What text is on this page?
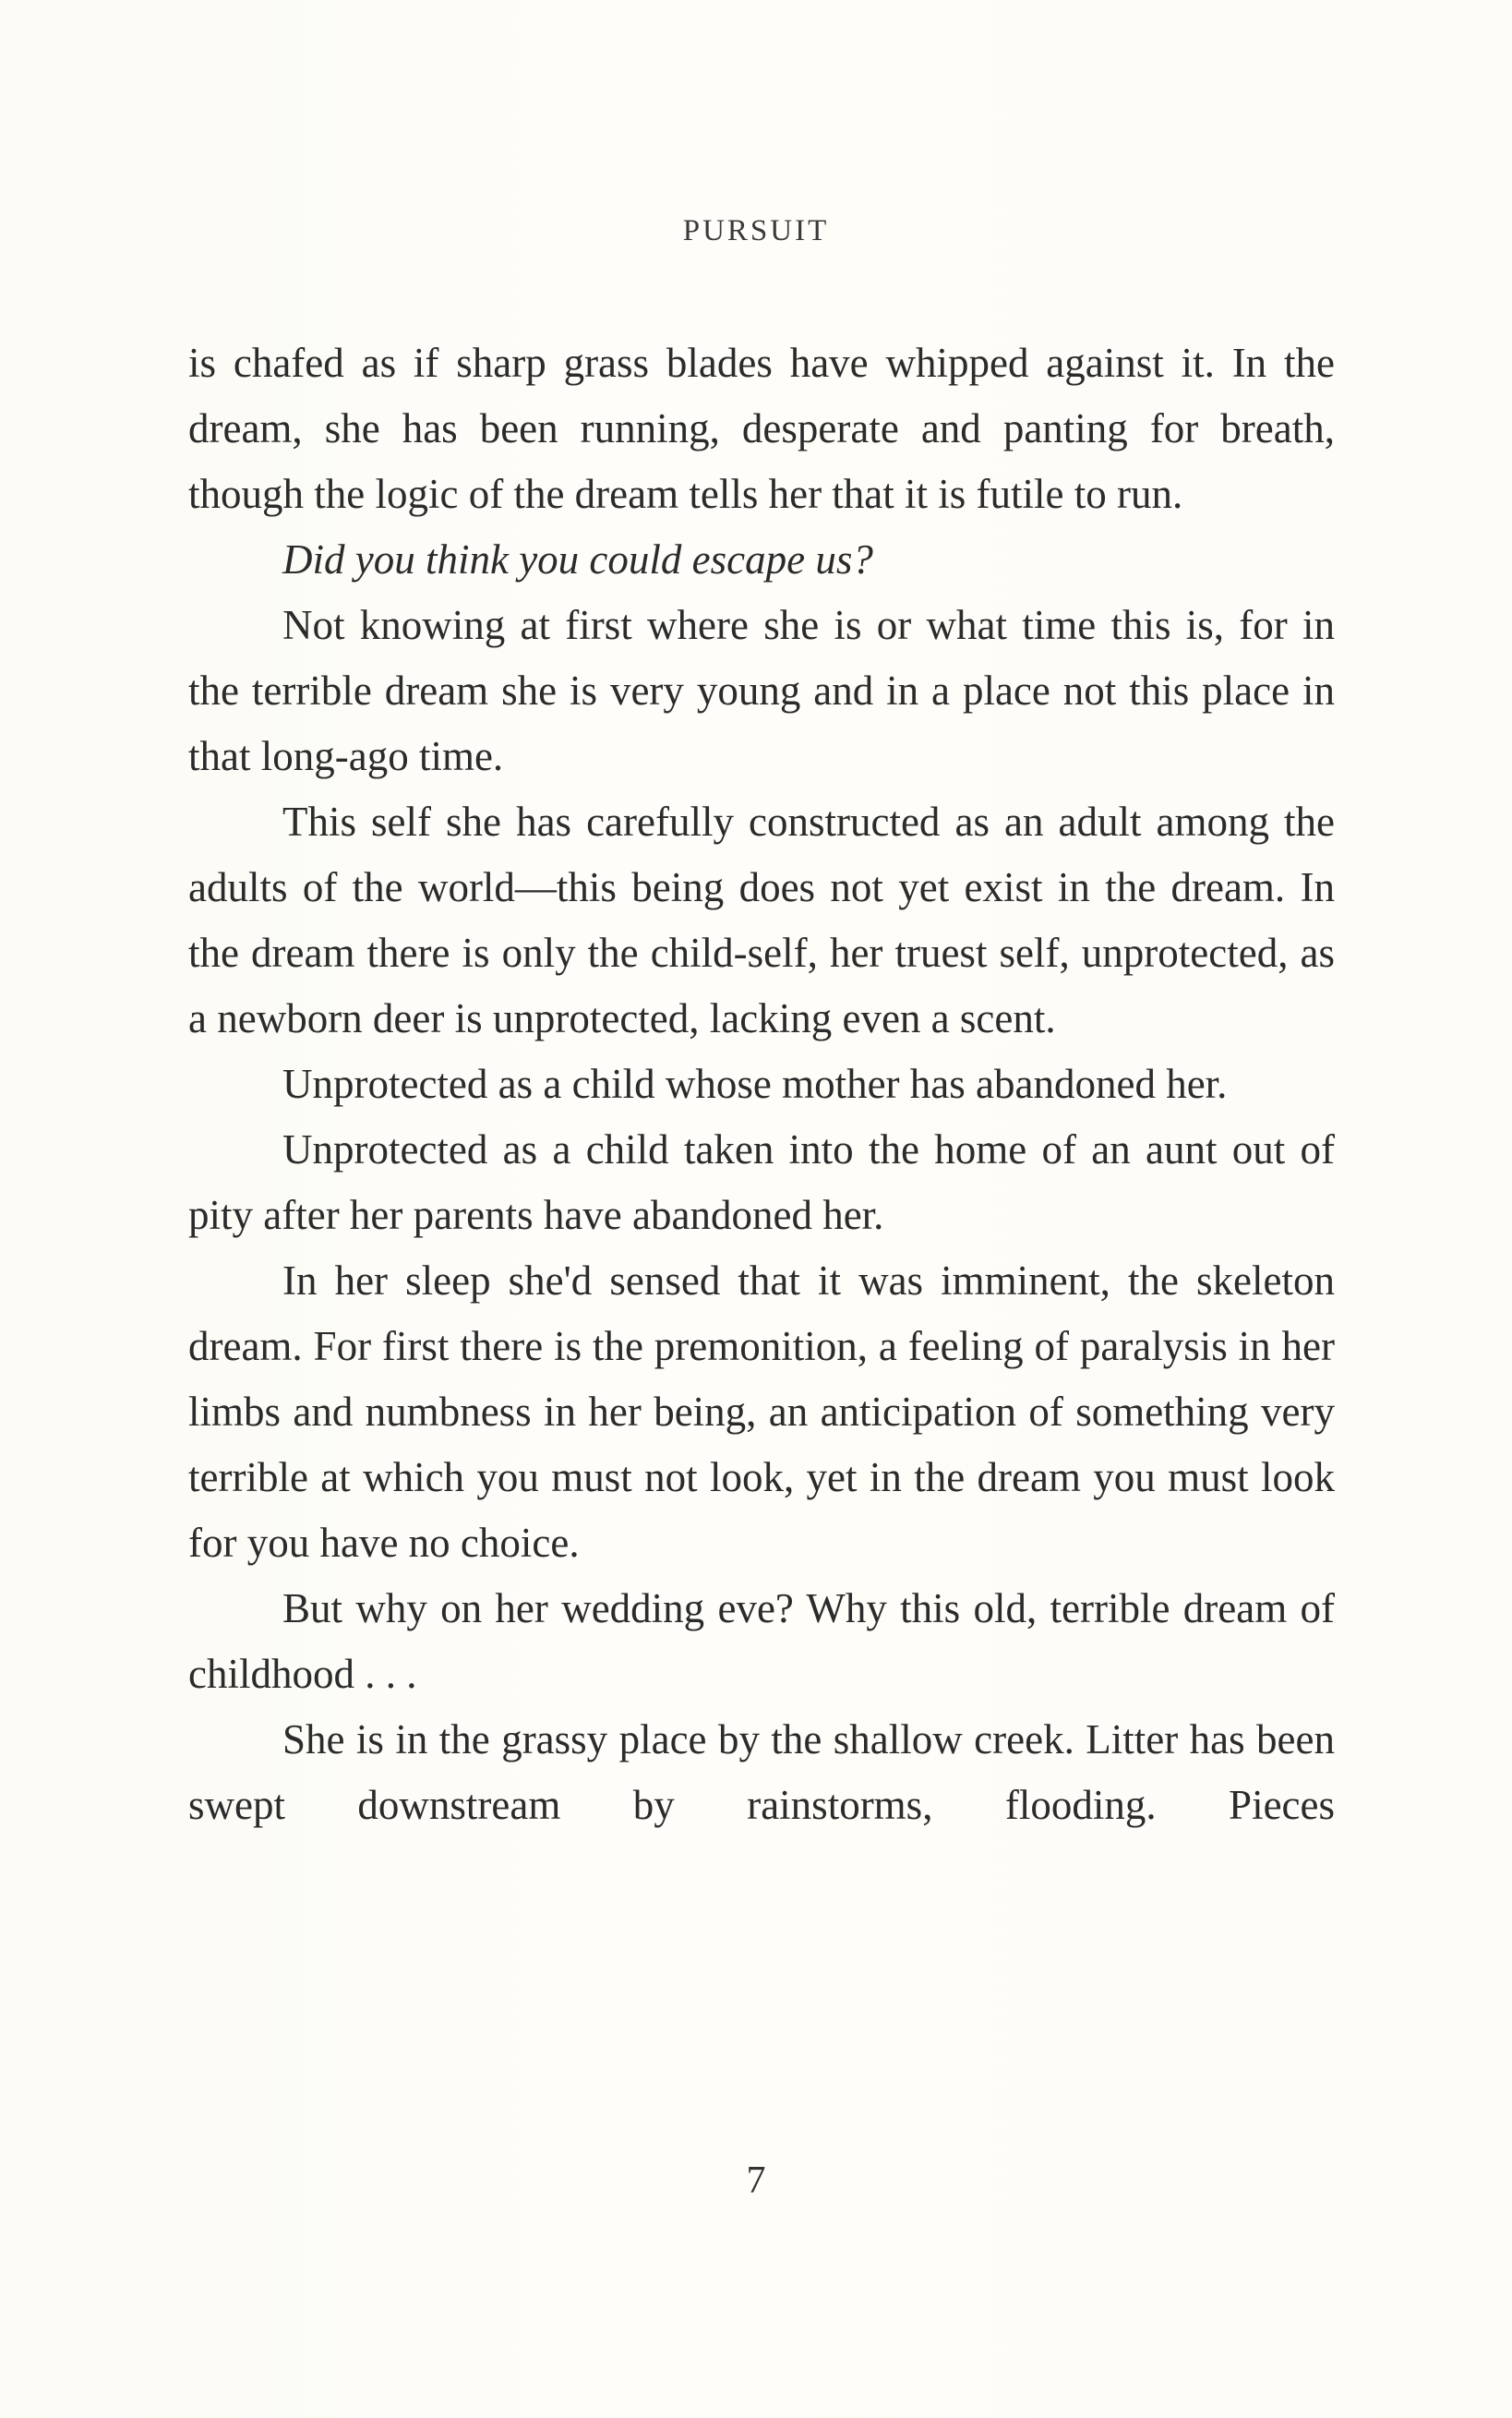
PURSUIT

is chafed as if sharp grass blades have whipped against it. In the dream, she has been running, desperate and panting for breath, though the logic of the dream tells her that it is futile to run.

Did you think you could escape us?

Not knowing at first where she is or what time this is, for in the terrible dream she is very young and in a place not this place in that long-ago time.

This self she has carefully constructed as an adult among the adults of the world—this being does not yet exist in the dream. In the dream there is only the child-self, her truest self, unprotected, as a newborn deer is unprotected, lacking even a scent.

Unprotected as a child whose mother has abandoned her.

Unprotected as a child taken into the home of an aunt out of pity after her parents have abandoned her.

In her sleep she'd sensed that it was imminent, the skeleton dream. For first there is the premonition, a feeling of paralysis in her limbs and numbness in her being, an anticipation of something very terrible at which you must not look, yet in the dream you must look for you have no choice.

But why on her wedding eve? Why this old, terrible dream of childhood . . .

She is in the grassy place by the shallow creek. Litter has been swept downstream by rainstorms, flooding. Pieces

7
